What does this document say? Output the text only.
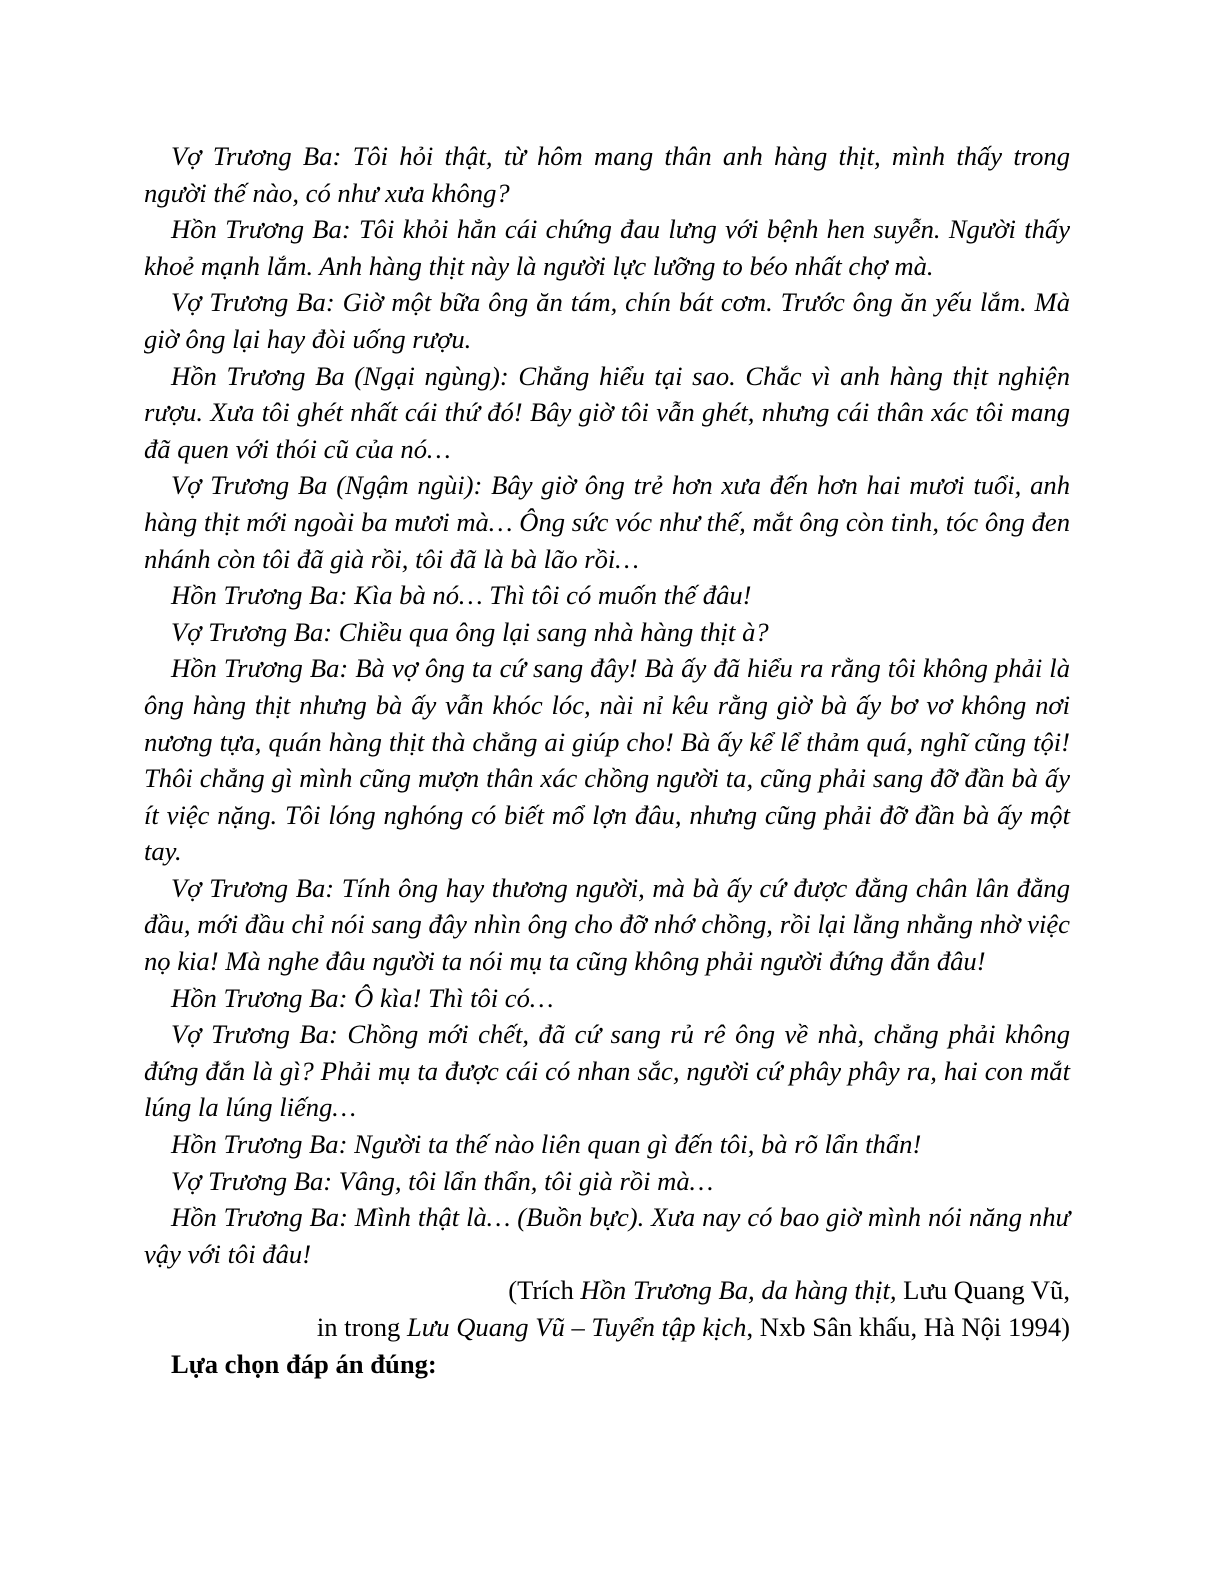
Vợ Trương Ba: Tôi hỏi thật, từ hôm mang thân anh hàng thịt, mình thấy trong người thế nào, có như xưa không?

Hồn Trương Ba: Tôi khỏi hẳn cái chứng đau lưng với bệnh hen suyễn. Người thấy khoẻ mạnh lắm. Anh hàng thịt này là người lực lưỡng to béo nhất chợ mà.

Vợ Trương Ba: Giờ một bữa ông ăn tám, chín bát cơm. Trước ông ăn yếu lắm. Mà giờ ông lại hay đòi uống rượu.

Hồn Trương Ba (Ngại ngùng): Chẳng hiểu tại sao. Chắc vì anh hàng thịt nghiện rượu. Xưa tôi ghét nhất cái thứ đó! Bây giờ tôi vẫn ghét, nhưng cái thân xác tôi mang đã quen với thói cũ của nó…

Vợ Trương Ba (Ngậm ngùi): Bây giờ ông trẻ hơn xưa đến hơn hai mươi tuổi, anh hàng thịt mới ngoài ba mươi mà… Ông sức vóc như thế, mắt ông còn tinh, tóc ông đen nhánh còn tôi đã già rồi, tôi đã là bà lão rồi…

Hồn Trương Ba: Kìa bà nó… Thì tôi có muốn thế đâu!

Vợ Trương Ba: Chiều qua ông lại sang nhà hàng thịt à?

Hồn Trương Ba: Bà vợ ông ta cứ sang đây! Bà ấy đã hiểu ra rằng tôi không phải là ông hàng thịt nhưng bà ấy vẫn khóc lóc, nài nỉ kêu rằng giờ bà ấy bơ vơ không nơi nương tựa, quán hàng thịt thà chẳng ai giúp cho! Bà ấy kể lể thảm quá, nghĩ cũng tội! Thôi chẳng gì mình cũng mượn thân xác chồng người ta, cũng phải sang đỡ đần bà ấy ít việc nặng. Tôi lóng nghóng có biết mổ lợn đâu, nhưng cũng phải đỡ đần bà ấy một tay.

Vợ Trương Ba: Tính ông hay thương người, mà bà ấy cứ được đằng chân lân đằng đầu, mới đầu chỉ nói sang đây nhìn ông cho đỡ nhớ chồng, rồi lại lằng nhằng nhờ việc nọ kia! Mà nghe đâu người ta nói mụ ta cũng không phải người đứng đắn đâu!

Hồn Trương Ba: Ô kìa! Thì tôi có…

Vợ Trương Ba: Chồng mới chết, đã cứ sang rủ rê ông về nhà, chẳng phải không đứng đắn là gì? Phải mụ ta được cái có nhan sắc, người cứ phây phây ra, hai con mắt lúng la lúng liếng…

Hồn Trương Ba: Người ta thế nào liên quan gì đến tôi, bà rõ lẩn thẩn!

Vợ Trương Ba: Vâng, tôi lẩn thẩn, tôi già rồi mà…

Hồn Trương Ba: Mình thật là… (Buồn bực). Xưa nay có bao giờ mình nói năng như vậy với tôi đâu!

(Trích Hồn Trương Ba, da hàng thịt, Lưu Quang Vũ,

in trong Lưu Quang Vũ – Tuyển tập kịch, Nxb Sân khấu, Hà Nội 1994)

Lựa chọn đáp án đúng:
